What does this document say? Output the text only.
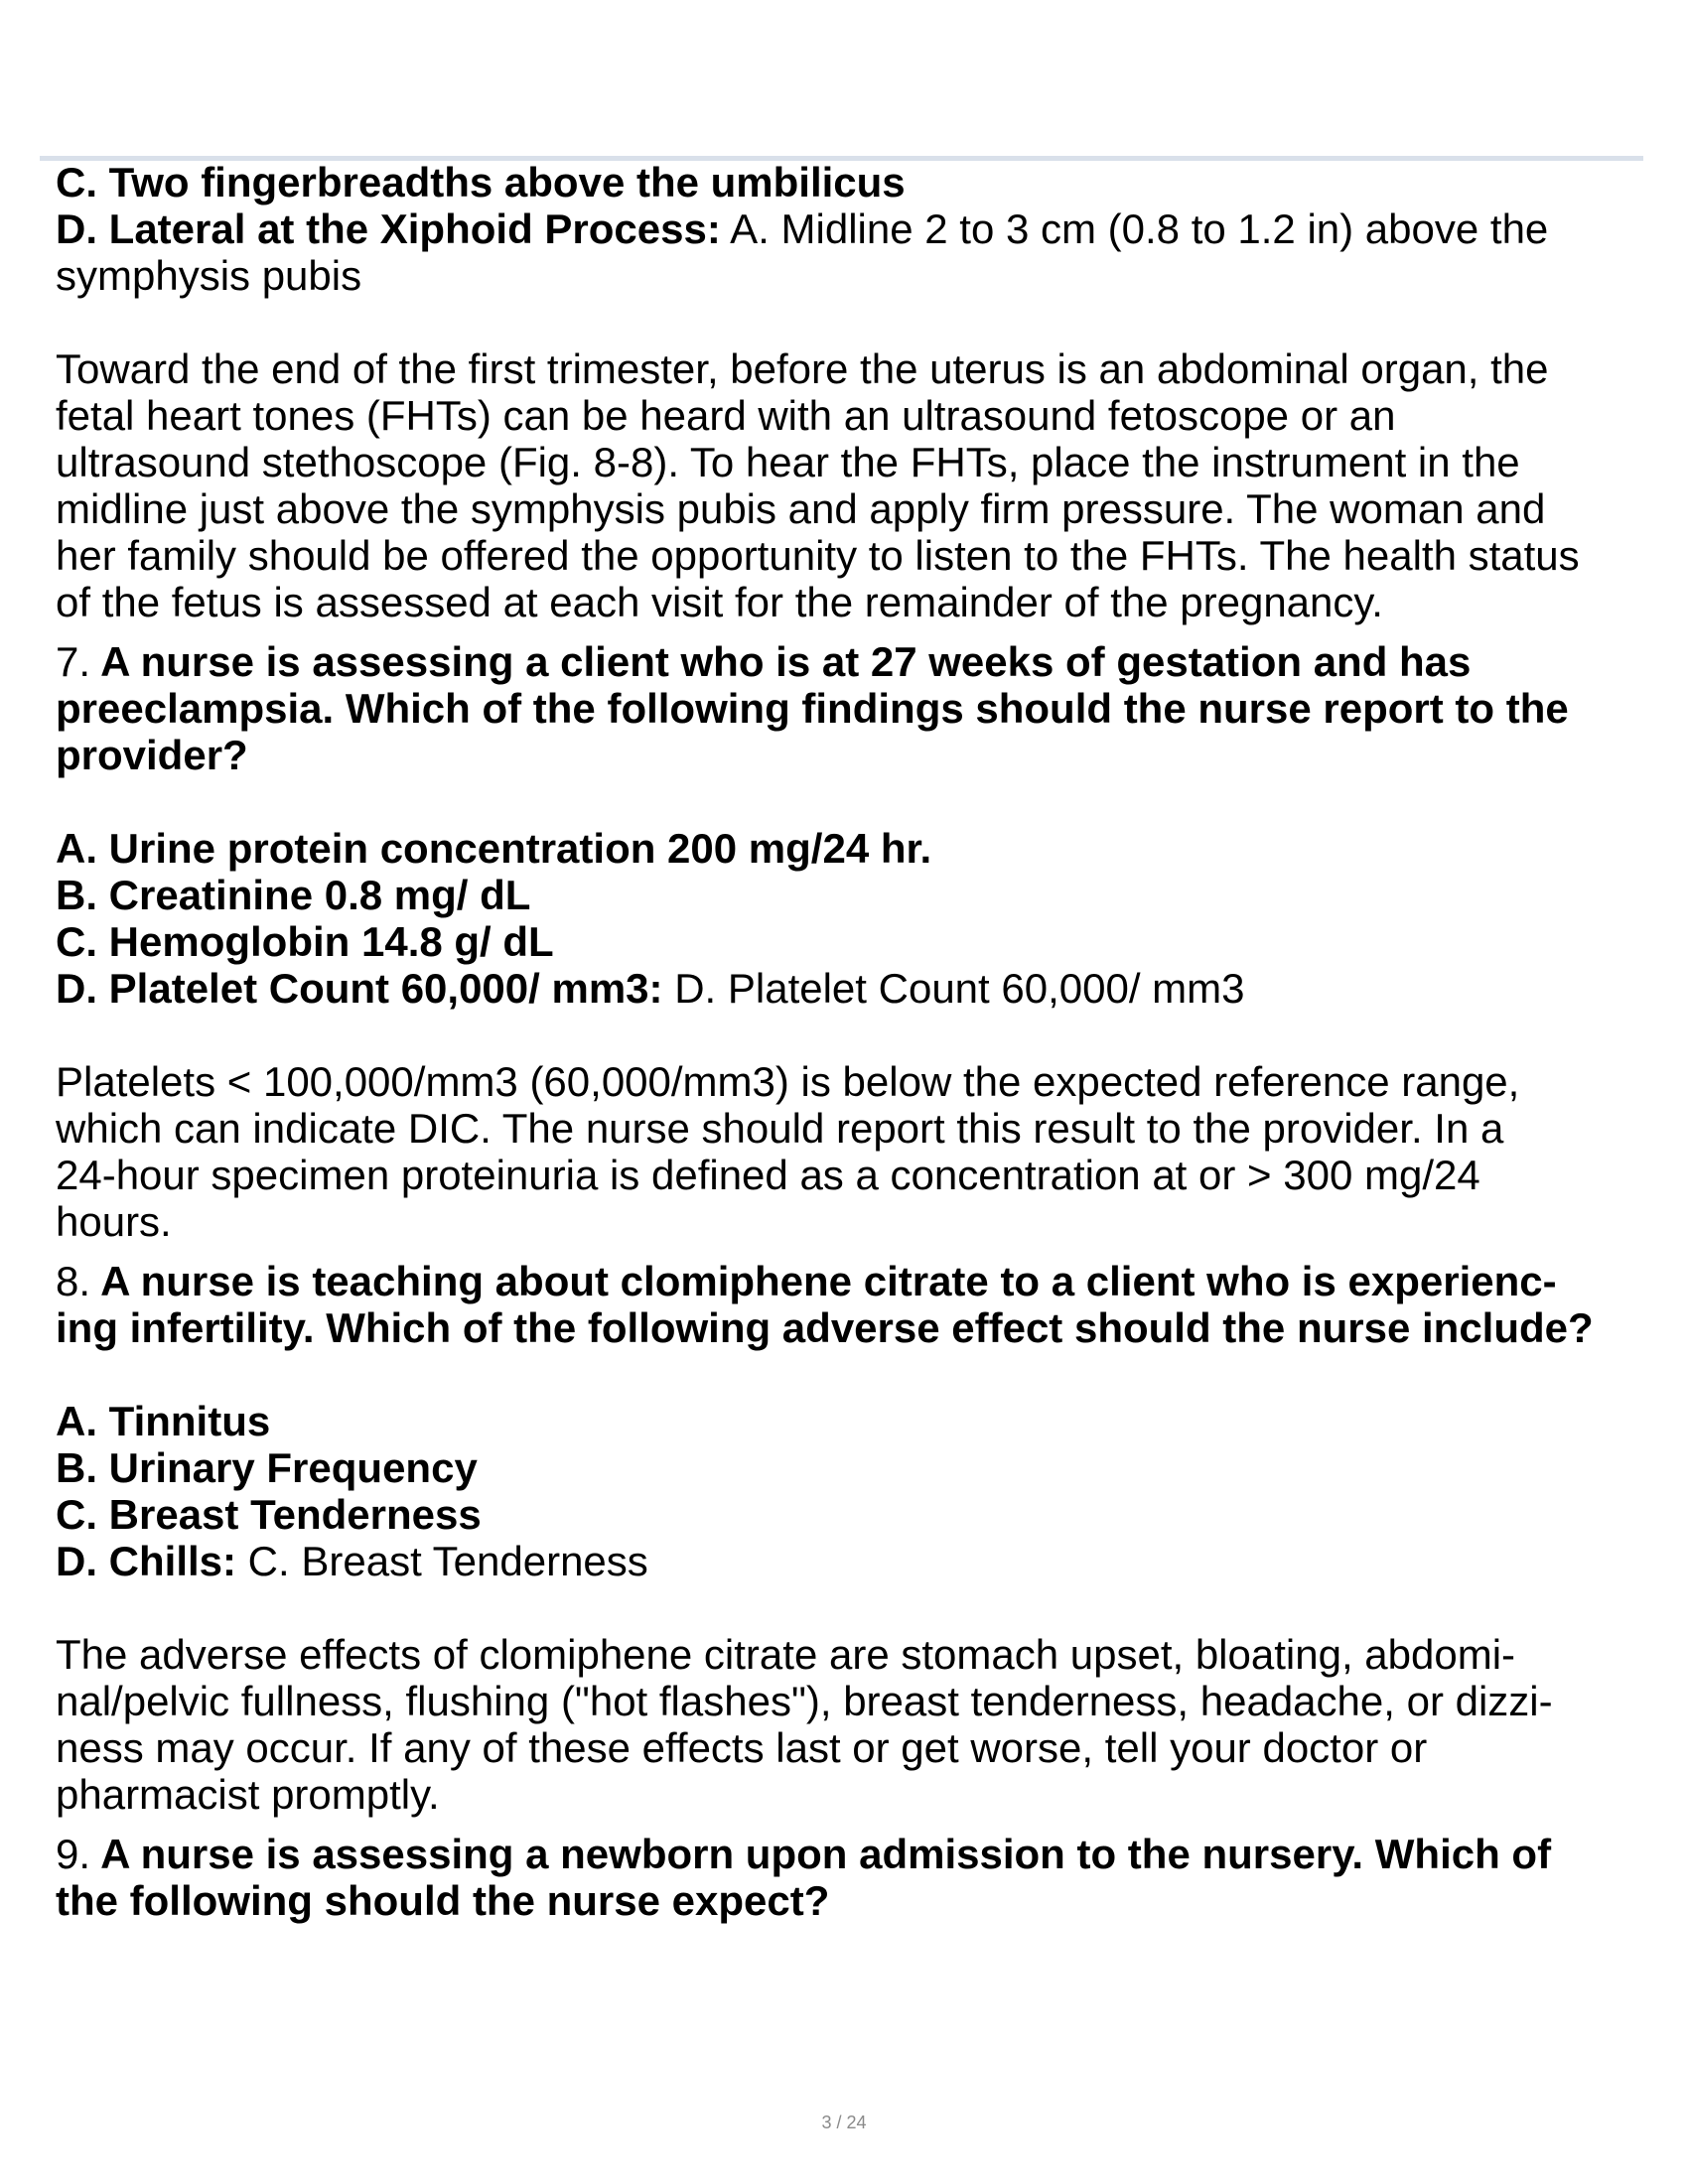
C. Two fingerbreadths above the umbilicus
D. Lateral at the Xiphoid Process: A. Midline 2 to 3 cm (0.8 to 1.2 in) above the
symphysis pubis
Toward the end of the first trimester, before the uterus is an abdominal organ, the
fetal heart tones (FHTs) can be heard with an ultrasound fetoscope or an
ultrasound stethoscope (Fig. 8-8). To hear the FHTs, place the instrument in the
midline just above the symphysis pubis and apply firm pressure. The woman and
her family should be offered the opportunity to listen to the FHTs. The health status
of the fetus is assessed at each visit for the remainder of the pregnancy.
7. A nurse is assessing a client who is at 27 weeks of gestation and has
preeclampsia. Which of the following findings should the nurse report to the
provider?
A. Urine protein concentration 200 mg/24 hr.
B. Creatinine 0.8 mg/ dL
C. Hemoglobin 14.8 g/ dL
D. Platelet Count 60,000/ mm3: D. Platelet Count 60,000/ mm3
Platelets < 100,000/mm3 (60,000/mm3) is below the expected reference range,
which can indicate DIC. The nurse should report this result to the provider. In a
24-hour specimen proteinuria is defined as a concentration at or > 300 mg/24
hours.
8. A nurse is teaching about clomiphene citrate to a client who is experienc-
ing infertility. Which of the following adverse effect should the nurse include?
A. Tinnitus
B. Urinary Frequency
C. Breast Tenderness
D. Chills: C. Breast Tenderness
The adverse effects of clomiphene citrate are stomach upset, bloating, abdomi-
nal/pelvic fullness, flushing ("hot flashes"), breast tenderness, headache, or dizzi-
ness may occur. If any of these effects last or get worse, tell your doctor or
pharmacist promptly.
9. A nurse is assessing a newborn upon admission to the nursery. Which of
the following should the nurse expect?
3 / 24
